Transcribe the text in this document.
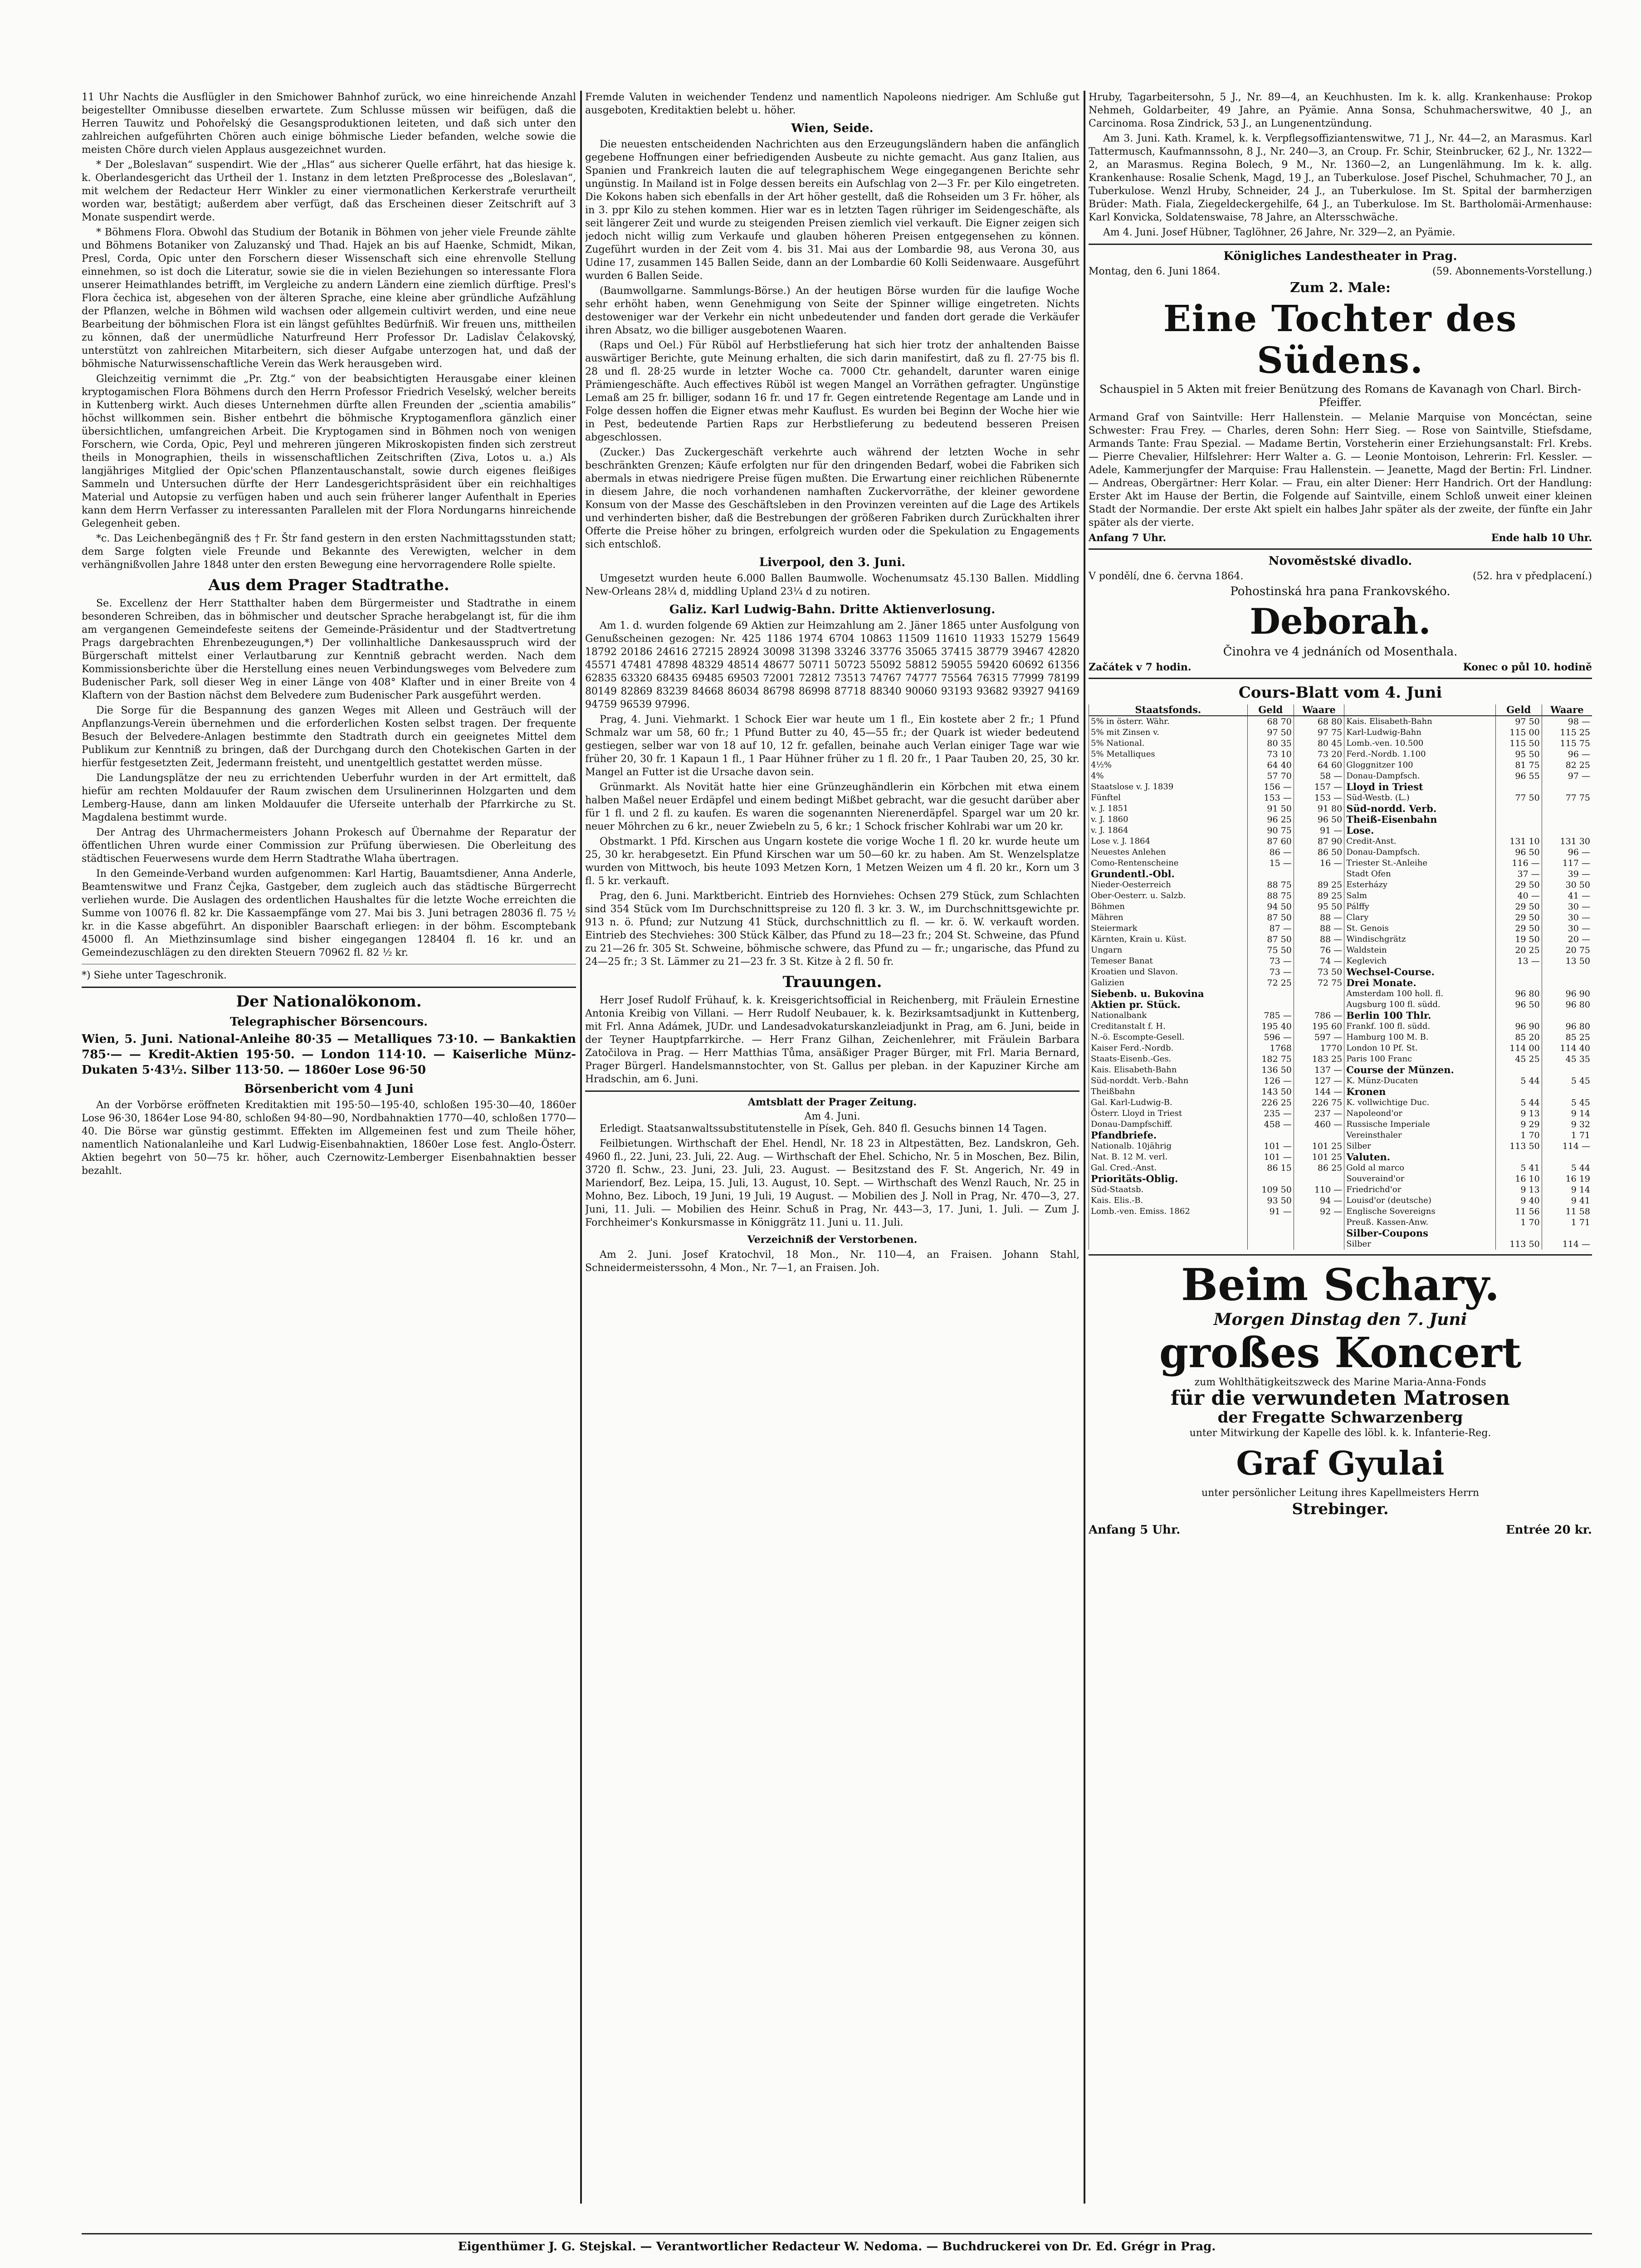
11 Uhr Nachts die Ausflügler in den Smichower Bahnhof zurück, wo eine hinreichende Anzahl beigestellter Omnibusse dieselben erwartete. Zum Schlusse müssen wir beifügen, daß die Herren Tauwitz und Pohořelský die Gesangsproduktionen leiteten, und daß sich unter den zahlreichen aufgeführten Chören auch einige böhmische Lieder befanden, welche sowie die meisten Chöre durch vielen Applaus ausgezeichnet wurden.

* Der „Boleslavan“ suspendirt. Wie der „Hlas“ aus sicherer Quelle erfährt, hat das hiesige k. k. Oberlandesgericht das Urtheil der 1. Instanz in dem letzten Preßprocesse des „Boleslavan“, mit welchem der Redacteur Herr Winkler zu einer viermonatlichen Kerkerstrafe verurtheilt worden war, bestätigt; außerdem aber verfügt, daß das Erscheinen dieser Zeitschrift auf 3 Monate suspendirt werde.

* Böhmens Flora. Obwohl das Studium der Botanik in Böhmen von jeher viele Freunde zählte und Böhmens Botaniker von Zaluzanský und Thad. Hajek an bis auf Haenke, Schmidt, Mikan, Presl, Corda, Opic unter den Forschern dieser Wissenschaft sich eine ehrenvolle Stellung einnehmen, so ist doch die Literatur, sowie sie die in vielen Beziehungen so interessante Flora unserer Heimathlandes betrifft, im Vergleiche zu andern Ländern eine ziemlich dürftige. Presl's Flora čechica ist, abgesehen von der älteren Sprache, eine kleine aber gründliche Aufzählung der Pflanzen, welche in Böhmen wild wachsen oder allgemein cultivirt werden, und eine neue Bearbeitung der böhmischen Flora ist ein längst gefühltes Bedürfniß. Wir freuen uns, mittheilen zu können, daß der unermüdliche Naturfreund Herr Professor Dr. Ladislav Čelakovský, unterstützt von zahlreichen Mitarbeitern, sich dieser Aufgabe unterzogen hat, und daß der böhmische Naturwissenschaftliche Verein das Werk herausgeben wird.

Gleichzeitig vernimmt die „Pr. Ztg.“ von der beabsichtigten Herausgabe einer kleinen kryptogamischen Flora Böhmens durch den Herrn Professor Friedrich Veselský, welcher bereits in Kuttenberg wirkt. Auch dieses Unternehmen dürfte allen Freunden der „scientia amabilis“ höchst willkommen sein. Bisher entbehrt die böhmische Kryptogamenflora gänzlich einer übersichtlichen, umfangreichen Arbeit. Die Kryptogamen sind in Böhmen noch von wenigen Forschern, wie Corda, Opic, Peyl und mehreren jüngeren Mikroskopisten finden sich zerstreut theils in Monographien, theils in wissenschaftlichen Zeitschriften (Ziva, Lotos u. a.) Als langjähriges Mitglied der Opic'schen Pflanzentauschanstalt, sowie durch eigenes fleißiges Sammeln und Untersuchen dürfte der Herr Landesgerichtspräsident über ein reichhaltiges Material und Autopsie zu verfügen haben und auch sein früherer langer Aufenthalt in Eperies kann dem Herrn Verfasser zu interessanten Parallelen mit der Flora Nordungarns hinreichende Gelegenheit geben.

*c. Das Leichenbegängniß des † Fr. Štr fand gestern in den ersten Nachmittagsstunden statt; dem Sarge folgten viele Freunde und Bekannte des Verewigten, welcher in dem verhängnißvollen Jahre 1848 unter den ersten Bewegung eine hervorragendere Rolle spielte.

Aus dem Prager Stadtrathe.

Se. Excellenz der Herr Statthalter haben dem Bürgermeister und Stadtrathe in einem besonderen Schreiben, das in böhmischer und deutscher Sprache herabgelangt ist, für die ihm am vergangenen Gemeindefeste seitens der Gemeinde-Präsidentur und der Stadtvertretung Prags dargebrachten Ehrenbezeugungen,*) Der vollinhaltliche Dankesausspruch wird der Bürgerschaft mittelst einer Verlautbarung zur Kenntniß gebracht werden. Nach dem Kommissionsberichte über die Herstellung eines neuen Verbindungsweges vom Belvedere zum Budenischer Park, soll dieser Weg in einer Länge von 408° Klafter und in einer Breite von 4 Klaftern von der Bastion nächst dem Belvedere zum Budenischer Park ausgeführt werden.

Die Sorge für die Bespannung des ganzen Weges mit Alleen und Gesträuch will der Anpflanzungs-Verein übernehmen und die erforderlichen Kosten selbst tragen. Der frequente Besuch der Belvedere-Anlagen bestimmte den Stadtrath durch ein geeignetes Mittel dem Publikum zur Kenntniß zu bringen, daß der Durchgang durch den Chotekischen Garten in der hierfür festgesetzten Zeit, Jedermann freisteht, und unentgeltlich gestattet werden müsse.

Die Landungsplätze der neu zu errichtenden Ueberfuhr wurden in der Art ermittelt, daß hiefür am rechten Moldauufer der Raum zwischen dem Ursulinerinnen Holzgarten und dem Lemberg-Hause, dann am linken Moldauufer die Uferseite unterhalb der Pfarrkirche zu St. Magdalena bestimmt wurde.

Der Antrag des Uhrmachermeisters Johann Prokesch auf Übernahme der Reparatur der öffentlichen Uhren wurde einer Commission zur Prüfung überwiesen. Die Oberleitung des städtischen Feuerwesens wurde dem Herrn Stadtrathe Wlaha übertragen.

In den Gemeinde-Verband wurden aufgenommen: Karl Hartig, Bauamtsdiener, Anna Anderle, Beamtenswitwe und Franz Čejka, Gastgeber, dem zugleich auch das städtische Bürgerrecht verliehen wurde. Die Auslagen des ordentlichen Haushaltes für die letzte Woche erreichten die Summe von 10076 fl. 82 kr. Die Kassaempfänge vom 27. Mai bis 3. Juni betragen 28036 fl. 75 ½ kr. in die Kasse abgeführt. An disponibler Baarschaft erliegen: in der böhm. Escomptebank 45000 fl. An Miethzinsumlage sind bisher eingegangen 128404 fl. 16 kr. und an Gemeindezuschlägen zu den direkten Steuern 70962 fl. 82 ½ kr.

*) Siehe unter Tageschronik.

Der Nationalökonom.
Telegraphischer Börsencours.

Wien, 5. Juni. National-Anleihe 80·35 — Metalliques 73·10. — Bankaktien 785·— — Kredit-Aktien 195·50. — London 114·10. — Kaiserliche Münz-Dukaten 5·43½. Silber 113·50. — 1860er Lose 96·50

Börsenbericht vom 4 Juni

An der Vorbörse eröffneten Kreditaktien mit 195·50—195·40, schloßen 195·30—40, 1860er Lose 96·30, 1864er Lose 94·80, schloßen 94·80—90, Nordbahnaktien 1770—40, schloßen 1770—40. Die Börse war günstig gestimmt. Effekten im Allgemeinen fest und zum Theile höher, namentlich Nationalanleihe und Karl Ludwig-Eisenbahnaktien, 1860er Lose fest. Anglo-Österr. Aktien begehrt von 50—75 kr. höher, auch Czernowitz-Lemberger Eisenbahnaktien besser bezahlt.

Fremde Valuten in weichender Tendenz und namentlich Napoleons niedriger. Am Schluße gut ausgeboten, Kreditaktien belebt u. höher.

Wien, Seide.

Die neuesten entscheidenden Nachrichten aus den Erzeugungsländern haben die anfänglich gegebene Hoffnungen einer befriedigenden Ausbeute zu nichte gemacht. Aus ganz Italien, aus Spanien und Frankreich lauten die auf telegraphischem Wege eingegangenen Berichte sehr ungünstig. In Mailand ist in Folge dessen bereits ein Aufschlag von 2—3 Fr. per Kilo eingetreten. Die Kokons haben sich ebenfalls in der Art höher gestellt, daß die Rohseiden um 3 Fr. höher, als in 3. ppr Kilo zu stehen kommen. Hier war es in letzten Tagen rühriger im Seidengeschäfte, als seit längerer Zeit und wurde zu steigenden Preisen ziemlich viel verkauft. Die Eigner zeigen sich jedoch nicht willig zum Verkaufe und glauben höheren Preisen entgegensehen zu können. Zugeführt wurden in der Zeit vom 4. bis 31. Mai aus der Lombardie 98, aus Verona 30, aus Udine 17, zusammen 145 Ballen Seide, dann an der Lombardie 60 Kolli Seidenwaare. Ausgeführt wurden 6 Ballen Seide.

(Baumwollgarne. Sammlungs-Börse.) An der heutigen Börse wurden für die laufige Woche sehr erhöht haben, wenn Genehmigung von Seite der Spinner willige eingetreten. Nichts destoweniger war der Verkehr ein nicht unbedeutender und fanden dort gerade die Verkäufer ihren Absatz, wo die billiger ausgebotenen Waaren.

(Raps und Oel.) Für Rüböl auf Herbstlieferung hat sich hier trotz der anhaltenden Baisse auswärtiger Berichte, gute Meinung erhalten, die sich darin manifestirt, daß zu fl. 27·75 bis fl. 28 und fl. 28·25 wurde in letzter Woche ca. 7000 Ctr. gehandelt, darunter waren einige Prämiengeschäfte. Auch effectives Rüböl ist wegen Mangel an Vorräthen gefragter. Ungünstige Lemaß am 25 fr. billiger, sodann 16 fr. und 17 fr. Gegen eintretende Regentage am Lande und in Folge dessen hoffen die Eigner etwas mehr Kauflust. Es wurden bei Beginn der Woche hier wie in Pest, bedeutende Partien Raps zur Herbstlieferung zu bedeutend besseren Preisen abgeschlossen.

(Zucker.) Das Zuckergeschäft verkehrte auch während der letzten Woche in sehr beschränkten Grenzen; Käufe erfolgten nur für den dringenden Bedarf, wobei die Fabriken sich abermals in etwas niedrigere Preise fügen mußten. Die Erwartung einer reichlichen Rübenernte in diesem Jahre, die noch vorhandenen namhaften Zuckervorräthe, der kleiner gewordene Konsum von der Masse des Geschäftsleben in den Provinzen vereinten auf die Lage des Artikels und verhinderten bisher, daß die Bestrebungen der größeren Fabriken durch Zurückhalten ihrer Offerte die Preise höher zu bringen, erfolgreich wurden oder die Spekulation zu Engagements sich entschloß.

Liverpool, den 3. Juni.

Umgesetzt wurden heute 6.000 Ballen Baumwolle. Wochenumsatz 45.130 Ballen. Middling New-Orleans 28¼ d, middling Upland 23¼ d zu notiren.

Galiz. Karl Ludwig-Bahn. Dritte Aktienverlosung.

Am 1. d. wurden folgende 69 Aktien zur Heimzahlung am 2. Jäner 1865 unter Ausfolgung von Genußscheinen gezogen: Nr. 425 1186 1974 6704 10863 11509 11610 11933 15279 15649 18792 20186 24616 27215 28924 30098 31398 33246 33776 35065 37415 38779 39467 42820 45571 47481 47898 48329 48514 48677 50711 50723 55092 58812 59055 59420 60692 61356 62835 63320 68435 69485 69503 72001 72812 73513 74767 74777 75564 76315 77999 78199 80149 82869 83239 84668 86034 86798 86998 87718 88340 90060 93193 93682 93927 94169 94759 96539 97996.

Prag, 4. Juni. Viehmarkt. 1 Schock Eier war heute um 1 fl., Ein kostete aber 2 fr.; 1 Pfund Schmalz war um 58, 60 fr.; 1 Pfund Butter zu 40, 45—55 fr.; der Quark ist wieder bedeutend gestiegen, selber war von 18 auf 10, 12 fr. gefallen, beinahe auch Verlan einiger Tage war wie früher 20, 30 fr. 1 Kapaun 1 fl., 1 Paar Hühner früher zu 1 fl. 20 fr., 1 Paar Tauben 20, 25, 30 kr. Mangel an Futter ist die Ursache davon sein.

Grünmarkt. Als Novität hatte hier eine Grünzeughändlerin ein Körbchen mit etwa einem halben Maßel neuer Erdäpfel und einem bedingt Mißbet gebracht, war die gesucht darüber aber für 1 fl. und 2 fl. zu kaufen. Es waren die sogenannten Nierenerdäpfel. Spargel war um 20 kr. neuer Möhrchen zu 6 kr., neuer Zwiebeln zu 5, 6 kr.; 1 Schock frischer Kohlrabi war um 20 kr.

Obstmarkt. 1 Pfd. Kirschen aus Ungarn kostete die vorige Woche 1 fl. 20 kr. wurde heute um 25, 30 kr. herabgesetzt. Ein Pfund Kirschen war um 50—60 kr. zu haben. Am St. Wenzelsplatze wurden von Mittwoch, bis heute 1093 Metzen Korn, 1 Metzen Weizen um 4 fl. 20 kr., Korn um 3 fl. 5 kr. verkauft.

Prag, den 6. Juni. Marktbericht. Eintrieb des Hornviehes: Ochsen 279 Stück, zum Schlachten sind 354 Stück vom Im Durchschnittspreise zu 120 fl. 3 kr. 3. W., im Durchschnittsgewichte pr. 913 n. ö. Pfund; zur Nutzung 41 Stück, durchschnittlich zu fl. — kr. ö. W. verkauft worden. Eintrieb des Stechviehes: 300 Stück Kälber, das Pfund zu 18—23 fr.; 204 St. Schweine, das Pfund zu 21—26 fr. 305 St. Schweine, böhmische schwere, das Pfund zu — fr.; ungarische, das Pfund zu 24—25 fr.; 3 St. Lämmer zu 21—23 fr. 3 St. Kitze à 2 fl. 50 fr.

Trauungen.

Herr Josef Rudolf Frühauf, k. k. Kreisgerichtsofficial in Reichenberg, mit Fräulein Ernestine Antonia Kreibig von Villani. — Herr Rudolf Neubauer, k. k. Bezirksamtsadjunkt in Kuttenberg, mit Frl. Anna Adámek, JUDr. und Landesadvokaturskanzleiadjunkt in Prag, am 6. Juni, beide in der Teyner Hauptpfarrkirche. — Herr Franz Gilhan, Zeichenlehrer, mit Fräulein Barbara Zatočilova in Prag. — Herr Matthias Tůma, ansäßiger Prager Bürger, mit Frl. Maria Bernard, Prager Bürgerl. Handelsmannstochter, von St. Gallus per pleban. in der Kapuziner Kirche am Hradschin, am 6. Juni.

Amtsblatt der Prager Zeitung.
Am 4. Juni.

Erledigt. Staatsanwaltssubstitutenstelle in Písek, Geh. 840 fl. Gesuchs binnen 14 Tagen.

Feilbietungen. Wirthschaft der Ehel. Hendl, Nr. 18 23 in Altpestätten, Bez. Landskron, Geh. 4960 fl., 22. Juni, 23. Juli, 22. Aug. — Wirthschaft der Ehel. Schicho, Nr. 5 in Moschen, Bez. Bilin, 3720 fl. Schw., 23. Juni, 23. Juli, 23. August. — Besitzstand des F. St. Angerich, Nr. 49 in Mariendorf, Bez. Leipa, 15. Juli, 13. August, 10. Sept. — Wirthschaft des Wenzl Rauch, Nr. 25 in Mohno, Bez. Liboch, 19 Juni, 19 Juli, 19 August. — Mobilien des J. Noll in Prag, Nr. 470—3, 27. Juni, 11. Juli. — Mobilien des Heinr. Schuß in Prag, Nr. 443—3, 17. Juni, 1. Juli. — Zum J. Forchheimer's Konkursmasse in Königgrätz 11. Juni u. 11. Juli.

Verzeichniß der Verstorbenen.

Am 2. Juni. Josef Kratochvil, 18 Mon., Nr. 110—4, an Fraisen. Johann Stahl, Schneidermeisterssohn, 4 Mon., Nr. 7—1, an Fraisen. Joh.

Hruby, Tagarbeitersohn, 5 J., Nr. 89—4, an Keuchhusten. Im k. k. allg. Krankenhause: Prokop Nehmeh, Goldarbeiter, 49 Jahre, an Pyämie. Anna Sonsa, Schuhmacherswitwe, 40 J., an Carcinoma. Rosa Zindrick, 53 J., an Lungenentzündung.

Am 3. Juni. Kath. Kramel, k. k. Verpflegsoffiziantenswitwe, 71 J., Nr. 44—2, an Marasmus. Karl Tattermusch, Kaufmannssohn, 8 J., Nr. 240—3, an Croup. Fr. Schir, Steinbrucker, 62 J., Nr. 1322—2, an Marasmus. Regina Bolech, 9 M., Nr. 1360—2, an Lungenlähmung. Im k. k. allg. Krankenhause: Rosalie Schenk, Magd, 19 J., an Tuberkulose. Josef Pischel, Schuhmacher, 70 J., an Tuberkulose. Wenzl Hruby, Schneider, 24 J., an Tuberkulose. Im St. Spital der barmherzigen Brüder: Math. Fiala, Ziegeldeckergehilfe, 64 J., an Tuberkulose. Im St. Bartholomäi-Armenhause: Karl Konvicka, Soldatenswaise, 78 Jahre, an Altersschwäche.

Am 4. Juni. Josef Hübner, Taglöhner, 26 Jahre, Nr. 329—2, an Pyämie.

Königliches Landestheater in Prag.
Montag, den 6. Juni 1864.	(59. Abonnements-Vorstellung.)
Zum 2. Male:
Eine Tochter des Südens.

Schauspiel in 5 Akten mit freier Benützung des Romans de Kavanagh von Charl. Birch-Pfeiffer.

Armand Graf von Saintville: Herr Hallenstein. — Melanie Marquise von Moncéctan, seine Schwester: Frau Frey. — Charles, deren Sohn: Herr Sieg. — Rose von Saintville, Stiefsdame, Armands Tante: Frau Spezial. — Madame Bertin, Vorsteherin einer Erziehungsanstalt: Frl. Krebs. — Pierre Chevalier, Hilfslehrer: Herr Walter a. G. — Leonie Montoison, Lehrerin: Frl. Kessler. — Adele, Kammerjungfer der Marquise: Frau Hallenstein. — Jeanette, Magd der Bertin: Frl. Lindner. — Andreas, Obergärtner: Herr Kolar. — Frau, ein alter Diener: Herr Handrich. Ort der Handlung: Erster Akt im Hause der Bertin, die Folgende auf Saintville, einem Schloß unweit einer kleinen Stadt der Normandie. Der erste Akt spielt ein halbes Jahr später als der zweite, der fünfte ein Jahr später als der vierte.

Anfang 7 Uhr.	Ende halb 10 Uhr.
Novoměstské divadlo.
V pondělí, dne 6. června 1864.	(52. hra v předplacení.)
Pohostinská hra pana Frankovského.
Deborah.
Činohra ve 4 jednáních od Mosenthala.
Začátek v 7 hodin.	Konec o půl 10. hodině
Cours-Blatt vom 4. Juni
Staatsfonds.	Geld	Waare		Geld	Waare
5% in österr. Währ.	68 70	68 80	Kais. Elisabeth-Bahn	97 50	98 —
5% mit Zinsen v.	97 50	97 75	Karl-Ludwig-Bahn	115 00	115 25
5% National.	80 35	80 45	Lomb.-ven. 10.500	115 50	115 75
5% Metalliques	73 10	73 20	Ferd.-Nordb. 1.100	95 50	96 —
4½%	64 40	64 60	Gloggnitzer 100	81 75	82 25
4%	57 70	58 —	Donau-Dampfsch.	96 55	97 —
Staatslose v. J. 1839	156 —	157 —	Lloyd in Triest		
Fünftel	153 —	153 —	Süd-Westb. (L.)	77 50	77 75
v. J. 1851	91 50	91 80	Süd-nordd. Verb.		
v. J. 1860	96 25	96 50	Theiß-Eisenbahn		
v. J. 1864	90 75	91 —	Lose.		
Lose v. J. 1864	87 60	87 90	Credit-Anst.	131 10	131 30
Neuestes Anlehen	86 —	86 50	Donau-Dampfsch.	96 50	96 —
Como-Rentenscheine	15 —	16 —	Triester St.-Anleihe	116 —	117 —
Grundentl.-Obl.			Stadt Ofen	37 —	39 —
Nieder-Oesterreich	88 75	89 25	Esterházy	29 50	30 50
Ober-Oesterr. u. Salzb.	88 75	89 25	Salm	40 —	41 —
Böhmen	94 50	95 50	Pálffy	29 50	30 —
Mähren	87 50	88 —	Clary	29 50	30 —
Steiermark	87 —	88 —	St. Genois	29 50	30 —
Kärnten, Krain u. Küst.	87 50	88 —	Windischgrätz	19 50	20 —
Ungarn	75 50	76 —	Waldstein	20 25	20 75
Temeser Banat	73 —	74 —	Keglevich	13 —	13 50
Kroatien und Slavon.	73 —	73 50	Wechsel-Course.		
Galizien	72 25	72 75	Drei Monate.		
Siebenb. u. Bukovina			Amsterdam 100 holl. fl.	96 80	96 90
Aktien pr. Stück.			Augsburg 100 fl. südd.	96 50	96 80
Nationalbank	785 —	786 —	Berlin 100 Thlr.		
Creditanstalt f. H.	195 40	195 60	Frankf. 100 fl. südd.	96 90	96 80
N.-ö. Escompte-Gesell.	596 —	597 —	Hamburg 100 M. B.	85 20	85 25
Kaiser Ferd.-Nordb.	1768	1770	London 10 Pf. St.	114 00	114 40
Staats-Eisenb.-Ges.	182 75	183 25	Paris 100 Franc	45 25	45 35
Kais. Elisabeth-Bahn	136 50	137 —	Course der Münzen.		
Süd-norddt. Verb.-Bahn	126 —	127 —	K. Münz-Ducaten	5 44	5 45
Theißbahn	143 50	144 —	Kronen		
Gal. Karl-Ludwig-B.	226 25	226 75	K. vollwichtige Duc.	5 44	5 45
Österr. Lloyd in Triest	235 —	237 —	Napoleond'or	9 13	9 14
Donau-Dampfschiff.	458 —	460 —	Russische Imperiale	9 29	9 32
Pfandbriefe.			Vereinsthaler	1 70	1 71
Nationalb. 10jährig	101 —	101 25	Silber	113 50	114 —
Nat. B. 12 M. verl.	101 —	101 25	Valuten.		
Gal. Cred.-Anst.	86 15	86 25	Gold al marco	5 41	5 44
Prioritäts-Oblig.			Souveraind'or	16 10	16 19
Süd-Staatsb.	109 50	110 —	Friedrichd'or	9 13	9 14
Kais. Elis.-B.	93 50	94 —	Louisd'or (deutsche)	9 40	9 41
Lomb.-ven. Emiss. 1862	91 —	92 —	Englische Sovereigns	11 56	11 58
			Preuß. Kassen-Anw.	1 70	1 71
			Silber-Coupons		
			Silber	113 50	114 —
Beim Schary.
Morgen Dinstag den 7. Juni
großes Koncert
zum Wohlthätigkeitszweck des Marine Maria-Anna-Fonds
für die verwundeten Matrosen
der Fregatte Schwarzenberg
unter Mitwirkung der Kapelle des löbl. k. k. Infanterie-Reg.
Graf Gyulai
unter persönlicher Leitung ihres Kapellmeisters Herrn
Strebinger.
Anfang 5 Uhr.	Entrée 20 kr.
Eigenthümer J. G. Stejskal. — Verantwortlicher Redacteur W. Nedoma. — Buchdruckerei von Dr. Ed. Grégr in Prag.
